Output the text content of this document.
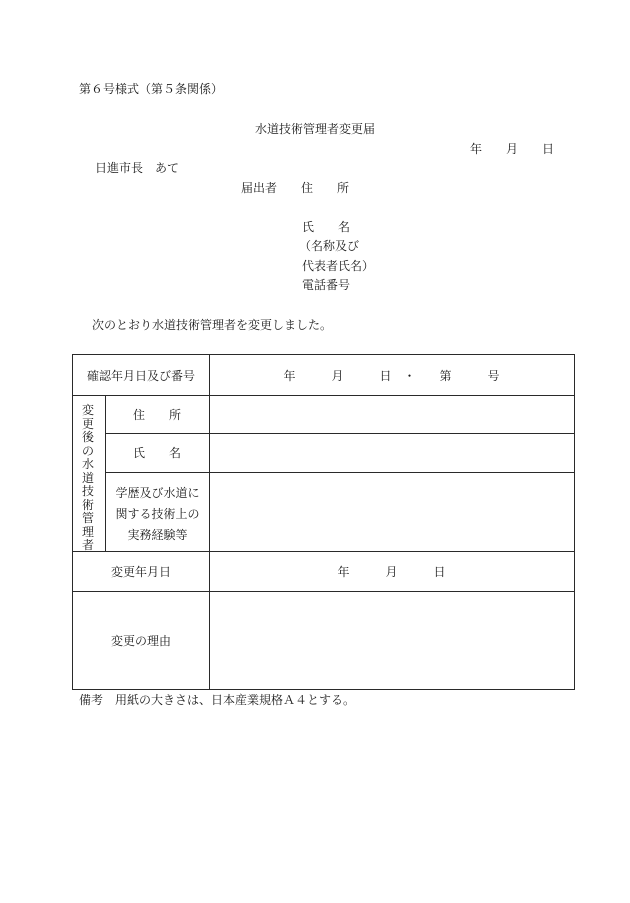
第６号様式（第５条関係）
水道技術管理者変更届
年　　月　　日
日進市長　あて
届出者 住　　所
氏　　名
（名称及び
代表者氏名）
電話番号
次のとおり水道技術管理者を変更しました。
確認年月日及び番号	年　　　月　　　日　・　　第　　　号
変
更
後
の
水
道
技
術
管
理
者
住　　所
氏　　名
学歴及び水道に
関する技術上の
実務経験等
変更年月日	年　　　月　　　日
変更の理由
備考　用紙の大きさは、日本産業規格Ａ４とする。
